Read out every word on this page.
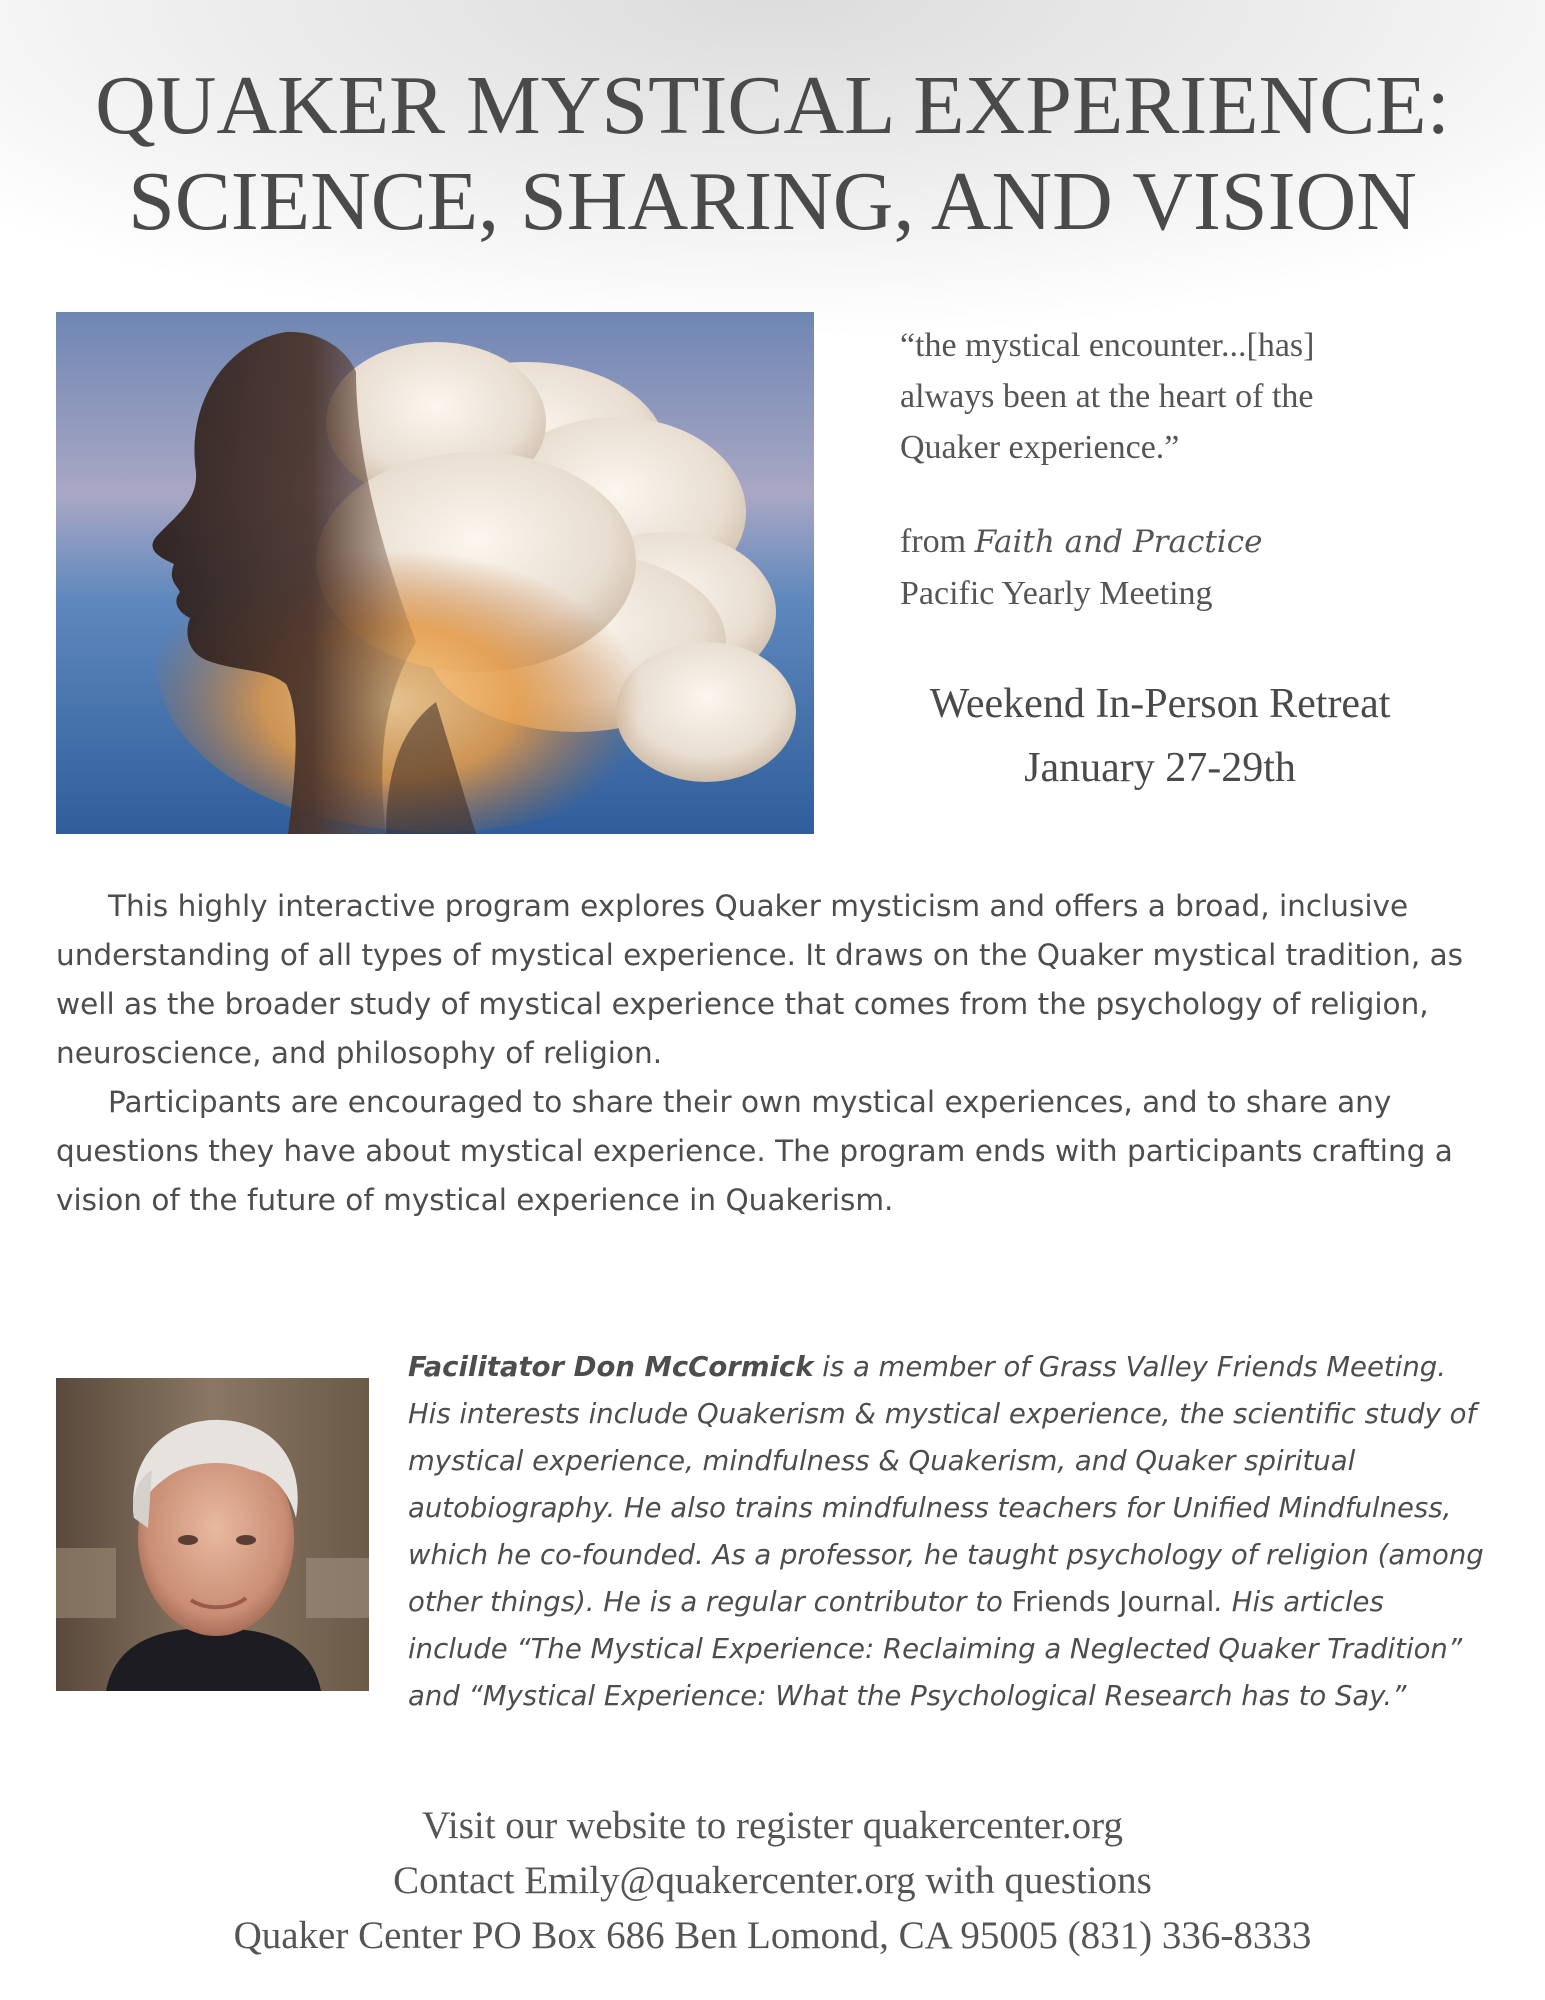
QUAKER MYSTICAL EXPERIENCE:
SCIENCE, SHARING, AND VISION
“the mystical encounter...[has]
always been at the heart of the
Quaker experience.”
from Faith and Practice
Pacific Yearly Meeting
Weekend In-Person Retreat
January 27-29th

This highly interactive program explores Quaker mysticism and offers a broad, inclusive understanding of all types of mystical experience. It draws on the Quaker mystical tradition, as well as the broader study of mystical experience that comes from the psychology of religion, neuroscience, and philosophy of religion.

Participants are encouraged to share their own mystical experiences, and to share any questions they have about mystical experience. The program ends with participants crafting a vision of the future of mystical experience in Quakerism.

Facilitator Don McCormick is a member of Grass Valley Friends Meeting. His interests include Quakerism & mystical experience, the scientific study of mystical experience, mindfulness & Quakerism, and Quaker spiritual autobiography. He also trains mindfulness teachers for Unified Mindfulness, which he co-founded. As a professor, he taught psychology of religion (among other things). He is a regular contributor to Friends Journal. His articles include “The Mystical Experience: Reclaiming a Neglected Quaker Tradition” and “Mystical Experience: What the Psychological Research has to Say.”
Visit our website to register quakercenter.org
Contact Emily@quakercenter.org with questions
Quaker Center PO Box 686 Ben Lomond, CA 95005 (831) 336-8333
